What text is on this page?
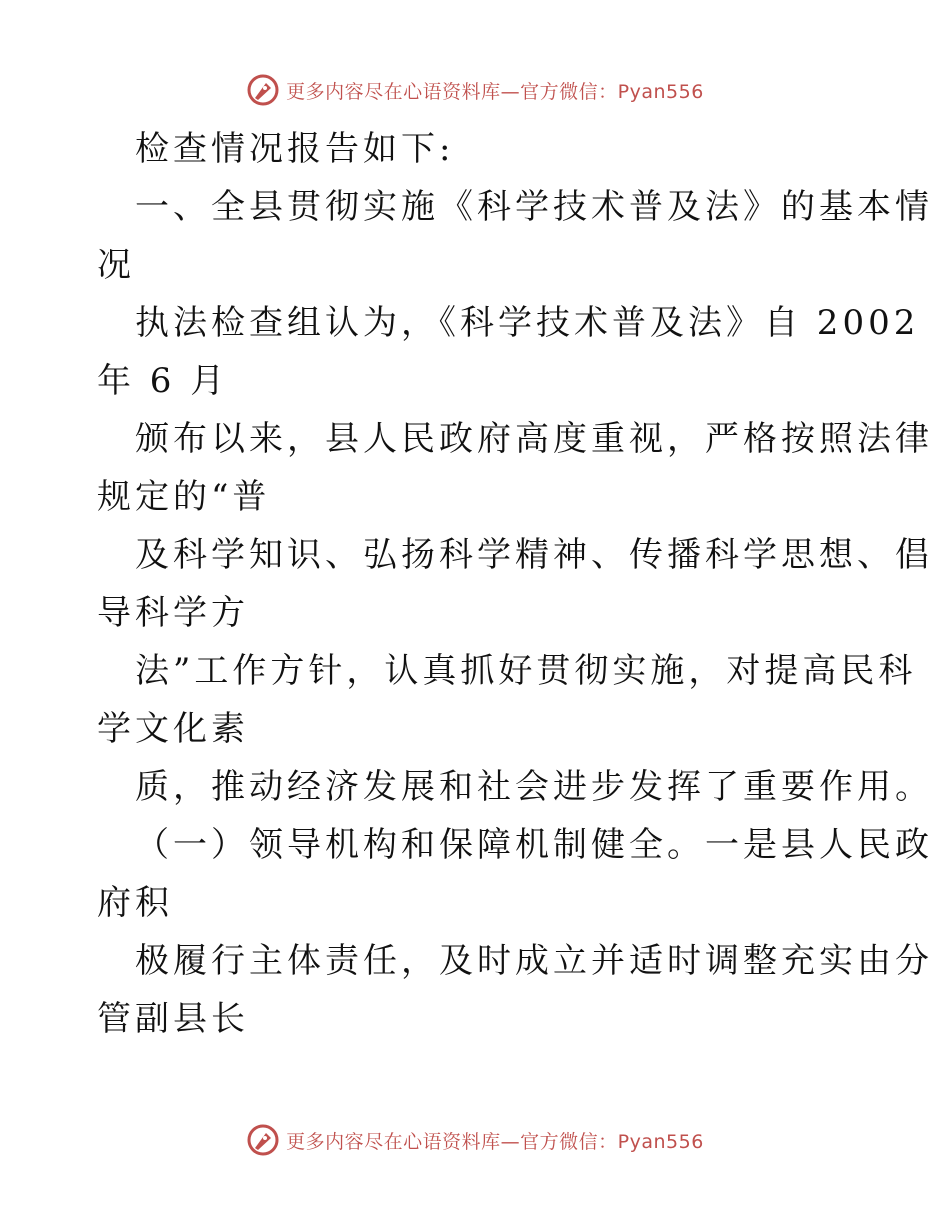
更多内容尽在心语资料库—官方微信：Pyan556
检查情况报告如下:
一、全县贯彻实施《科学技术普及法》的基本情
况
执法检查组认为，《科学技术普及法》自 2002
年 6 月
颁布以来，县人民政府高度重视，严格按照法律
规定的“普
及科学知识、弘扬科学精神、传播科学思想、倡
导科学方
法”工作方针，认真抓好贯彻实施，对提高民科
学文化素
质，推动经济发展和社会进步发挥了重要作用。
（一）领导机构和保障机制健全。一是县人民政
府积
极履行主体责任，及时成立并适时调整充实由分
管副县长
更多内容尽在心语资料库—官方微信：Pyan556
